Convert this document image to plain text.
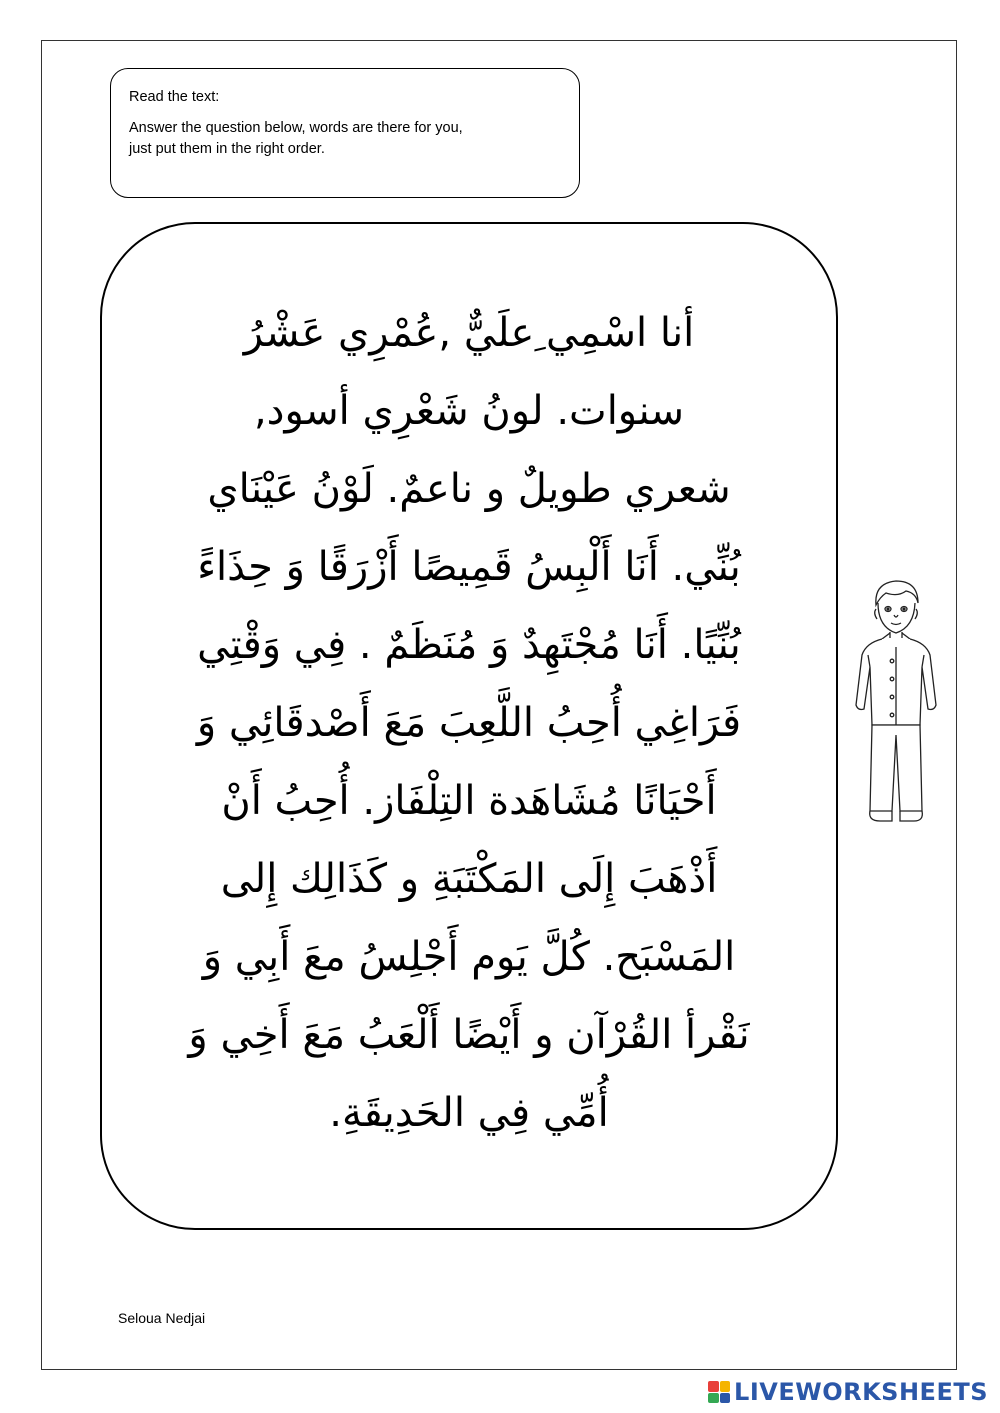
Read the text:

Answer the question below, words are there for you,
just put them in the right order.

أنا اسْمِي ِعلَيٌّ ,عُمْرِي عَشْرُ
سنوات. لونُ شَعْرِي أسود,
شعري طويلٌ و ناعمٌ. لَوْنُ عَيْنَاي
بُنِّي. أَنَا أَلْبِسُ قَمِيصًا أَزْرَقًا وَ حِذَاءً
بُنِّيًا. أَنَا مُجْتَهِدٌ وَ مُنَظَمٌ . فِي وَقْتِي
فَرَاغِي أُحِبُ اللَّعِبَ مَعَ أَصْدقَائِي وَ
أَحْيَانًا مُشَاهَدة التِلْفَاز. أُحِبُ أَنْ
أَذْهَبَ إِلَى المَكْتَبَةِ و كَذَالِك إِلى
المَسْبَح. كُلَّ يَوم أَجْلِسُ معَ أَبِي وَ
نَقْرأ القُرْآن و أَيْضًا أَلْعَبُ مَعَ أَخِي وَ
أُمِّي فِي الحَدِيقَةِ.
Seloua Nedjai
LIVEWORKSHEETS
